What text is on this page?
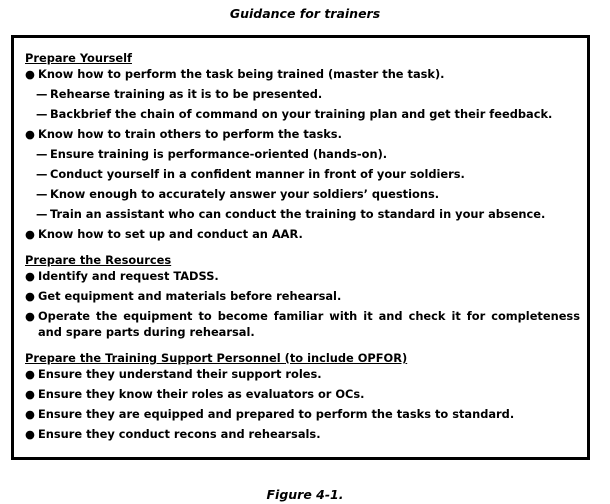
Guidance for trainers
Prepare Yourself
● Know how to perform the task being trained (master the task).
— Rehearse training as it is to be presented.
— Backbrief the chain of command on your training plan and get their feedback.
● Know how to train others to perform the tasks.
— Ensure training is performance-oriented (hands-on).
— Conduct yourself in a confident manner in front of your soldiers.
— Know enough to accurately answer your soldiers’ questions.
— Train an assistant who can conduct the training to standard in your absence.
● Know how to set up and conduct an AAR.
Prepare the Resources
● Identify and request TADSS.
● Get equipment and materials before rehearsal.
● Operate the equipment to become familiar with it and check it for completeness and spare parts during rehearsal.
Prepare the Training Support Personnel (to include OPFOR)
● Ensure they understand their support roles.
● Ensure they know their roles as evaluators or OCs.
● Ensure they are equipped and prepared to perform the tasks to standard.
● Ensure they conduct recons and rehearsals.
Figure 4-1.
